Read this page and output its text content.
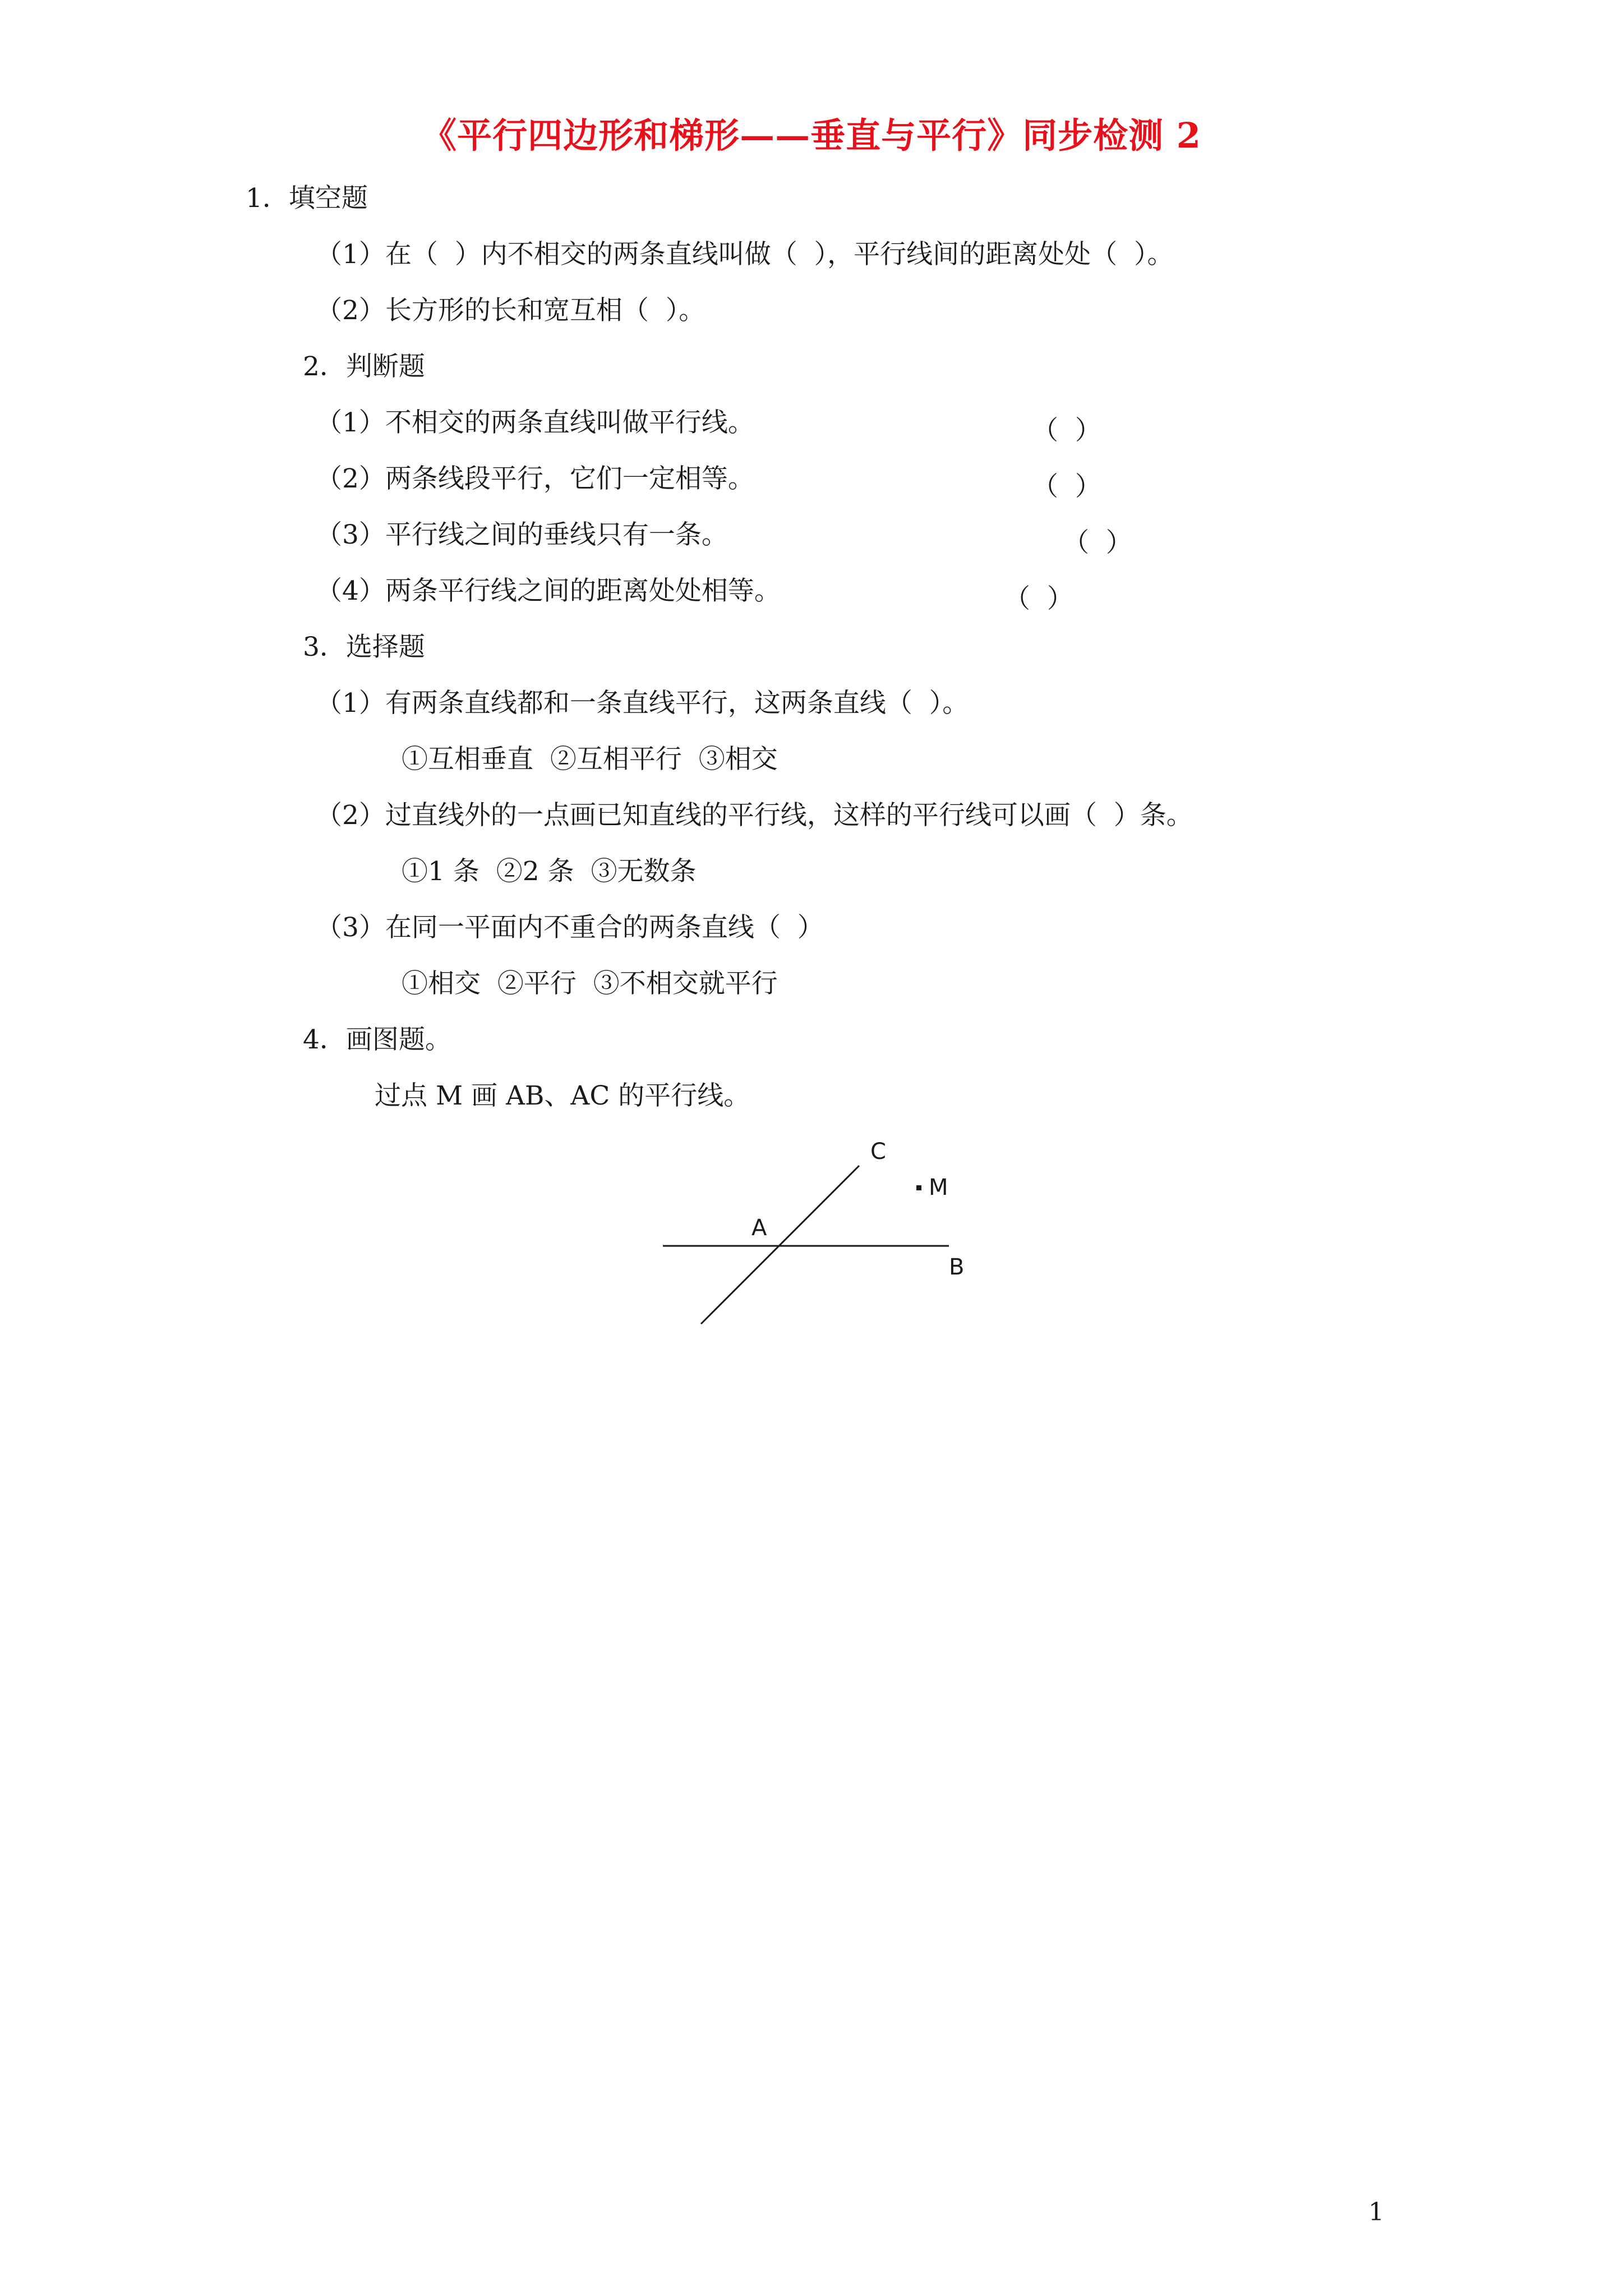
《平行四边形和梯形——垂直与平行》同步检测 2
1．填空题
（1）在（  ）内不相交的两条直线叫做（  ），平行线间的距离处处（  ）。
（2）长方形的长和宽互相（  ）。
2．判断题
（1）不相交的两条直线叫做平行线。	（  ）
（2）两条线段平行，它们一定相等。	（  ）
（3）平行线之间的垂线只有一条。	（  ）
（4）两条平行线之间的距离处处相等。	（  ）
3．选择题
（1）有两条直线都和一条直线平行，这两条直线（  ）。
①互相垂直  ②互相平行  ③相交
（2）过直线外的一点画已知直线的平行线，这样的平行线可以画（  ）条。
①1 条  ②2 条  ③无数条
（3）在同一平面内不重合的两条直线（  ）
①相交  ②平行  ③不相交就平行
4．画图题。
过点 M 画 AB、AC 的平行线。
A
B
C
M
1
